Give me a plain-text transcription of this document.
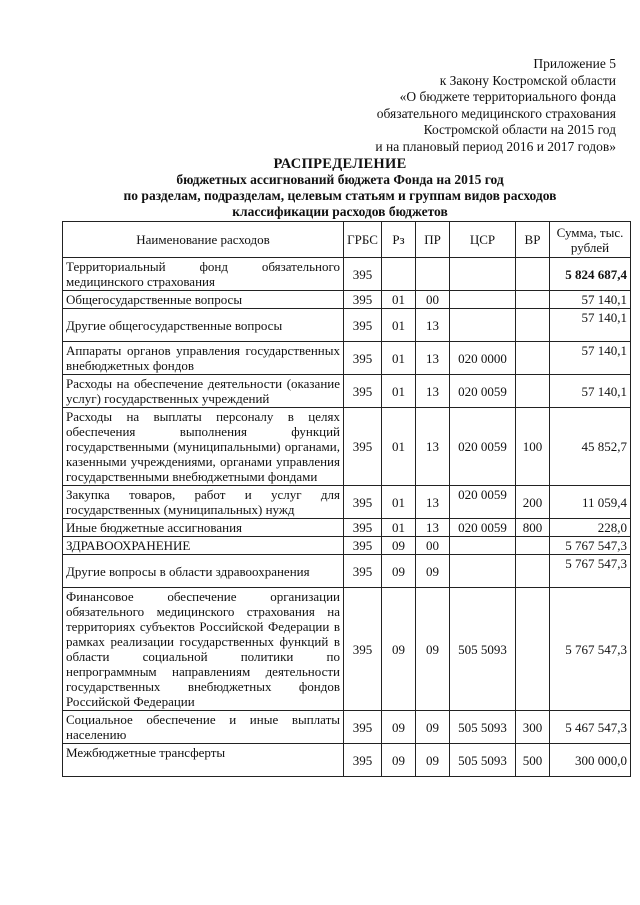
Приложение 5
к Закону Костромской области
«О бюджете территориального фонда
обязательного медицинского страхования
Костромской области на 2015 год
и на плановый период 2016 и 2017 годов»
РАСПРЕДЕЛЕНИЕ
бюджетных ассигнований бюджета Фонда на 2015 год
по разделам, подразделам, целевым статьям и группам видов расходов
классификации расходов бюджетов
Наименование расходов	ГРБС	Рз	ПР	ЦСР	ВР	Сумма, тыс. рублей
Территориальный фонд обязательного медицинского страхования	395					5 824 687,4
Общегосударственные вопросы	395	01	00			57 140,1
Другие общегосударственные вопросы	395	01	13			57 140,1
Аппараты органов управления государственных внебюджетных фондов	395	01	13	020 0000		57 140,1
Расходы на обеспечение деятельности (оказание услуг) государственных учреждений	395	01	13	020 0059		57 140,1
Расходы на выплаты персоналу в целях обеспечения выполнения функций государственными (муниципальными) органами, казенными учреждениями, органами управления государственными внебюджетными фондами	395	01	13	020 0059	100	45 852,7
Закупка товаров, работ и услуг для государственных (муниципальных) нужд	395	01	13	020 0059	200	11 059,4
Иные бюджетные ассигнования	395	01	13	020 0059	800	228,0
ЗДРАВООХРАНЕНИЕ	395	09	00			5 767 547,3
Другие вопросы в области здравоохранения	395	09	09			5 767 547,3
Финансовое обеспечение организации обязательного медицинского страхования на территориях субъектов Российской Федерации в рамках реализации государственных функций в области социальной политики по непрограммным направлениям деятельности государственных внебюджетных фондов Российской Федерации	395	09	09	505 5093		5 767 547,3
Социальное обеспечение и иные выплаты населению	395	09	09	505 5093	300	5 467 547,3
Межбюджетные трансферты	395	09	09	505 5093	500	300 000,0
